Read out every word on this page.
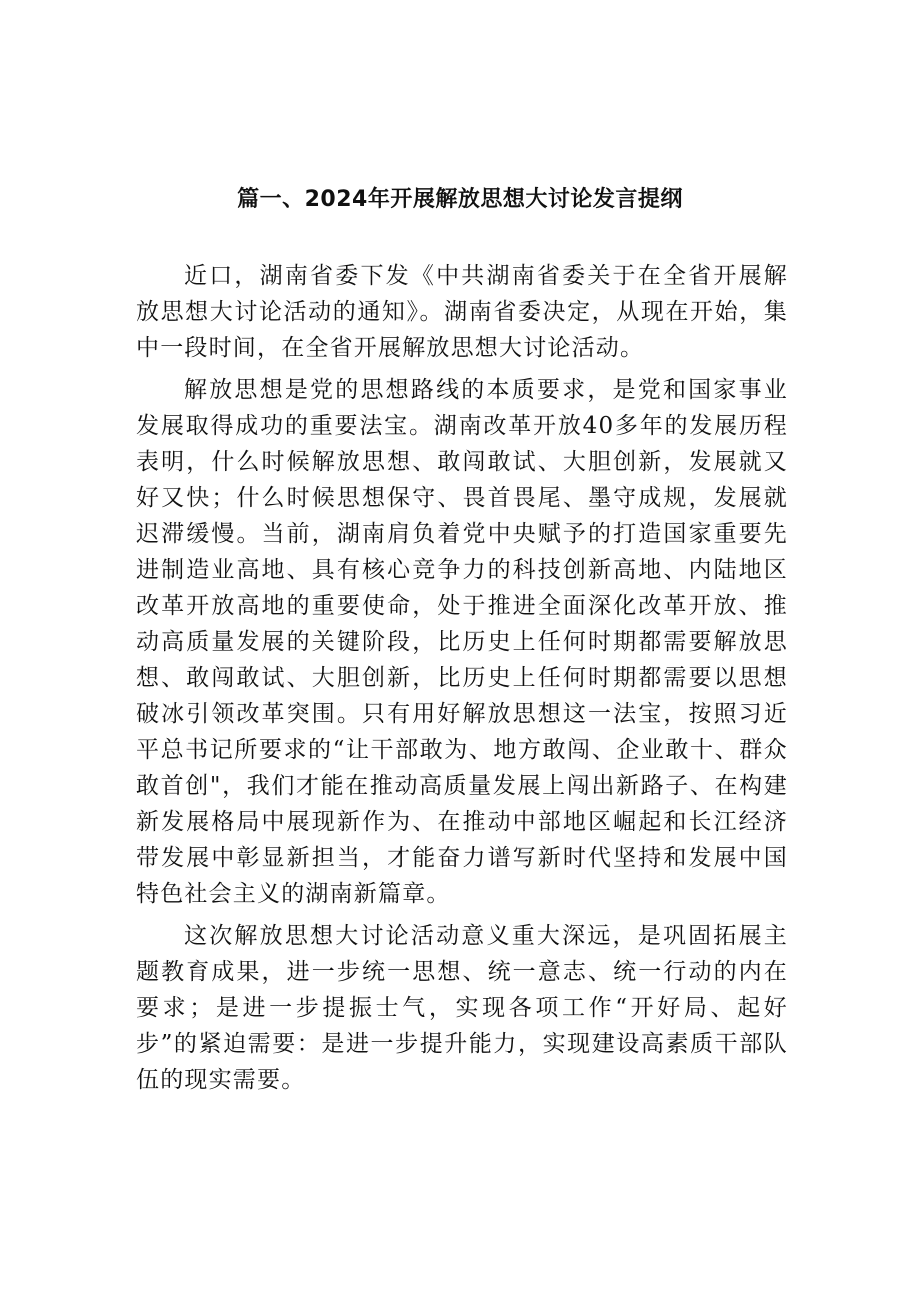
篇一、2024年开展解放思想大讨论发言提纲

近口，湖南省委下发《中共湖南省委关于在全省开展解放思想大讨论活动的通知》。湖南省委决定，从现在开始，集中一段时间，在全省开展解放思想大讨论活动。

解放思想是党的思想路线的本质要求，是党和国家事业发展取得成功的重要法宝。湖南改革开放40多年的发展历程表明，什么时候解放思想、敢闯敢试、大胆创新，发展就又好又快；什么时候思想保守、畏首畏尾、墨守成规，发展就迟滞缓慢。当前，湖南肩负着党中央赋予的打造国家重要先进制造业高地、具有核心竞争力的科技创新高地、内陆地区改革开放高地的重要使命，处于推进全面深化改革开放、推动高质量发展的关键阶段，比历史上任何时期都需要解放思想、敢闯敢试、大胆创新，比历史上任何时期都需要以思想破冰引领改革突围。只有用好解放思想这一法宝，按照习近平总书记所要求的“让干部敢为、地方敢闯、企业敢十、群众敢首创"，我们才能在推动高质量发展上闯出新路子、在构建新发展格局中展现新作为、在推动中部地区崛起和长江经济带发展中彰显新担当，才能奋力谱写新时代坚持和发展中国特色社会主义的湖南新篇章。

这次解放思想大讨论活动意义重大深远，是巩固拓展主题教育成果，进一步统一思想、统一意志、统一行动的内在要求；是进一步提振士气，实现各项工作“开好局、起好步”的紧迫需要：是进一步提升能力，实现建设高素质干部队伍的现实需要。
